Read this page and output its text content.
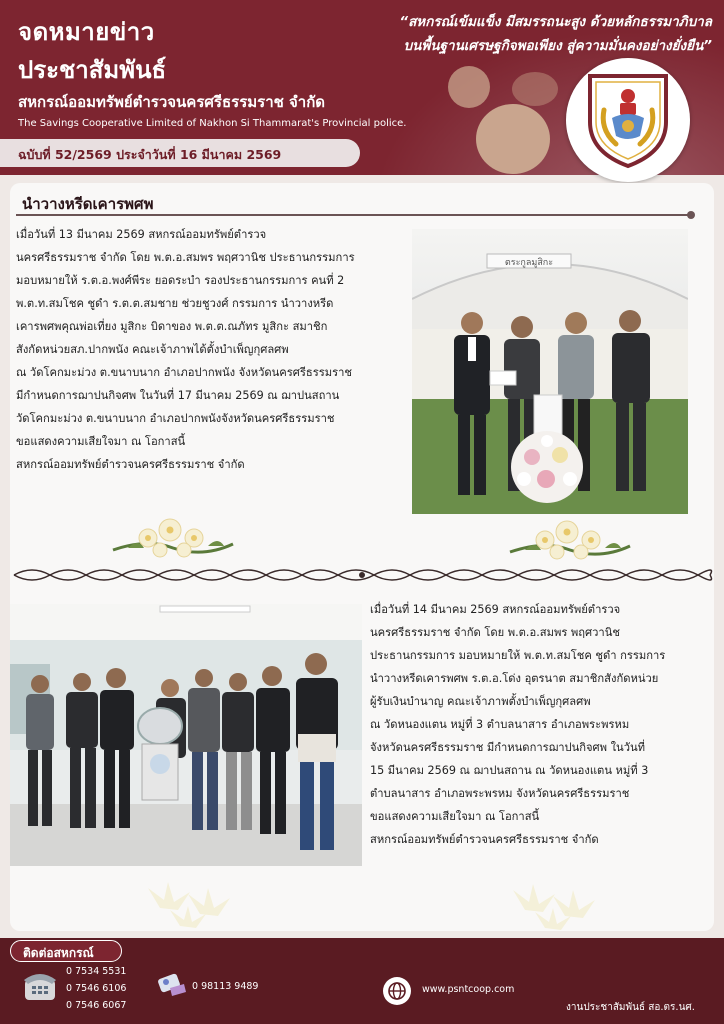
จดหมายข่าว
ประชาสัมพันธ์
สหกรณ์ออมทรัพย์ตำรวจนครศรีธรรมราช จำกัด
The Savings Cooperative Limited of Nakhon Si Thammarat's Provincial police.
“สหกรณ์เข้มแข็ง มีสมรรถนะสูง ด้วยหลักธรรมาภิบาล
บนพื้นฐานเศรษฐกิจพอเพียง สู่ความมั่นคงอย่างยั่งยืน”
ฉบับที่ 52/2569 ประจำวันที่ 16 มีนาคม 2569
นำวางหรีดเคารพศพ

เมื่อวันที่ 13 มีนาคม 2569 สหกรณ์ออมทรัพย์ตำรวจ

นครศรีธรรมราช จำกัด โดย พ.ต.อ.สมพร พฤศวานิช ประธานกรรมการ

มอบหมายให้ ร.ต.อ.พงศ์พีระ ยอดระบำ รองประธานกรรมการ คนที่ 2

พ.ต.ท.สมโชค ชูดำ ร.ต.ต.สมชาย ช่วยชูวงศ์ กรรมการ นำวางหรีด

เคารพศพคุณพ่อเที่ยง มูสิกะ บิดาของ พ.ต.ต.ณภัทร มูสิกะ สมาชิก

สังกัดหน่วยสภ.ปากพนัง คณะเจ้าภาพได้ตั้งบำเพ็ญกุศลศพ

ณ วัดโคกมะม่วง ต.ขนาบนาก อำเภอปากพนัง จังหวัดนครศรีธรรมราช

มีกำหนดการฌาปนกิจศพ ในวันที่ 17 มีนาคม 2569 ณ ฌาปนสถาน

วัดโคกมะม่วง ต.ขนาบนาก อำเภอปากพนังจังหวัดนครศรีธรรมราช

ขอแสดงความเสียใจมา ณ โอกาสนี้

สหกรณ์ออมทรัพย์ตำรวจนครศรีธรรมราช จำกัด

ตระกูลมูสิกะ

เมื่อวันที่ 14 มีนาคม 2569 สหกรณ์ออมทรัพย์ตำรวจ

นครศรีธรรมราช จำกัด โดย พ.ต.อ.สมพร พฤศวานิช

ประธานกรรมการ มอบหมายให้ พ.ต.ท.สมโชค ชูดำ กรรมการ

นำวางหรีดเคารพศพ ร.ต.อ.โด่ง อุตรนาต สมาชิกสังกัดหน่วย

ผู้รับเงินบำนาญ คณะเจ้าภาพตั้งบำเพ็ญกุศลศพ

ณ วัดหนองแตน หมู่ที่ 3 ตำบลนาสาร อำเภอพระพรหม

จังหวัดนครศรีธรรมราช มีกำหนดการฌาปนกิจศพ ในวันที่

15 มีนาคม 2569 ณ ฌาปนสถาน ณ วัดหนองแตน หมู่ที่ 3

ตำบลนาสาร อำเภอพระพรหม จังหวัดนครศรีธรรมราช

ขอแสดงความเสียใจมา ณ โอกาสนี้

สหกรณ์ออมทรัพย์ตำรวจนครศรีธรรมราช จำกัด

ติดต่อสหกรณ์
0 7534 5531
0 7546 6106
0 7546 6067
0 98113 9489	www.psntcoop.com
งานประชาสัมพันธ์ สอ.ตร.นศ.
